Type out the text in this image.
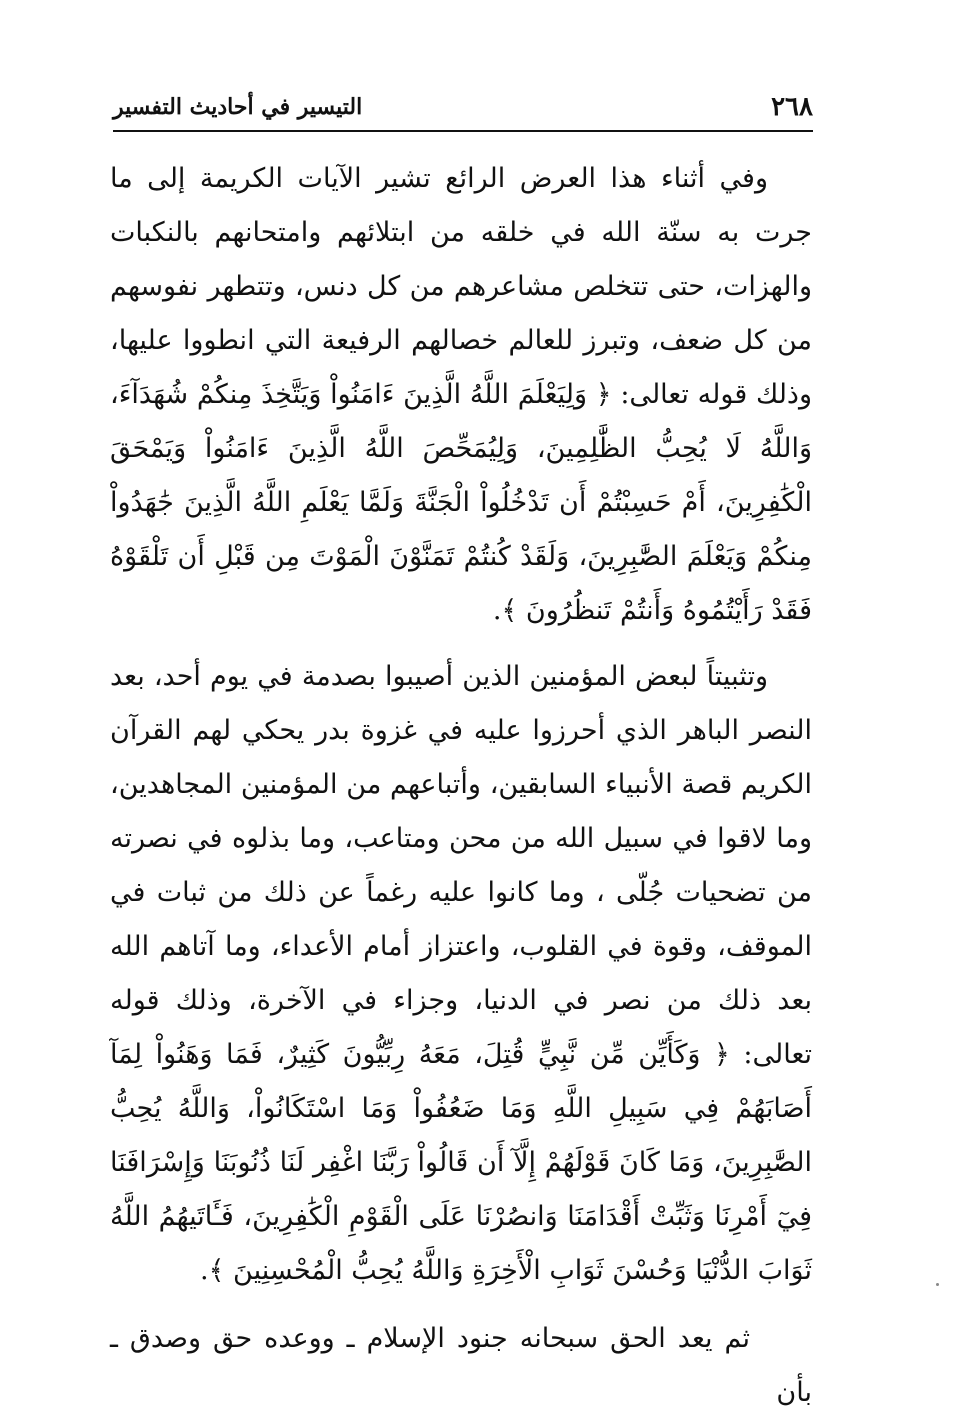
٢٦٨
التيسير في أحاديث التفسير

وفي أثناء هذا العرض الرائع تشير الآيات الكريمة إلى ما جرت به سنّة الله في خلقه من ابتلائهم وامتحانهم بالنكبات والهزات، حتى تتخلص مشاعرهم من كل دنس، وتتطهر نفوسهم من كل ضعف، وتبرز للعالم خصالهم الرفيعة التي انطووا عليها، وذلك قوله تعالى: ﴿ وَلِيَعْلَمَ اللَّهُ الَّذِينَ ءَامَنُواْ وَيَتَّخِذَ مِنكُمْ شُهَدَآءَ، وَاللَّهُ لَا يُحِبُّ الظَّٰلِمِينَ، وَلِيُمَحِّصَ اللَّهُ الَّذِينَ ءَامَنُواْ وَيَمْحَقَ الْكَٰفِرِينَ، أَمْ حَسِبْتُمْ أَن تَدْخُلُواْ الْجَنَّةَ وَلَمَّا يَعْلَمِ اللَّهُ الَّذِينَ جَٰهَدُواْ مِنكُمْ وَيَعْلَمَ الصَّٰبِرِينَ، وَلَقَدْ كُنتُمْ تَمَنَّوْنَ الْمَوْتَ مِن قَبْلِ أَن تَلْقَوْهُ فَقَدْ رَأَيْتُمُوهُ وَأَنتُمْ تَنظُرُونَ ﴾.

وتثبيتاً لبعض المؤمنين الذين أصيبوا بصدمة في يوم أحد، بعد النصر الباهر الذي أحرزوا عليه في غزوة بدر يحكي لهم القرآن الكريم قصة الأنبياء السابقين، وأتباعهم من المؤمنين المجاهدين، وما لاقوا في سبيل الله من محن ومتاعب، وما بذلوه في نصرته من تضحيات جُلّى ، وما كانوا عليه رغماً عن ذلك من ثبات في الموقف، وقوة في القلوب، واعتزاز أمام الأعداء، وما آتاهم الله بعد ذلك من نصر في الدنيا، وجزاء في الآخرة، وذلك قوله تعالى: ﴿ وَكَأَيِّن مِّن نَّبِيٍّ قُتِلَ، مَعَهُ رِبِّيُّونَ كَثِيرٌ، فَمَا وَهَنُواْ لِمَآ أَصَابَهُمْ فِي سَبِيلِ اللَّهِ وَمَا ضَعُفُواْ وَمَا اسْتَكَانُواْ، وَاللَّهُ يُحِبُّ الصَّٰبِرِينَ، وَمَا كَانَ قَوْلَهُمْ إِلَّآ أَن قَالُواْ رَبَّنَا اغْفِر لَنَا ذُنُوبَنَا وَإِسْرَافَنَا فِيٓ أَمْرِنَا وَثَبِّتْ أَقْدَامَنَا وَانصُرْنَا عَلَى الْقَوْمِ الْكَٰفِرِينَ، فَـَٔاتَيهُمُ اللَّهُ ثَوَابَ الدُّنْيَا وَحُسْنَ ثَوَابِ الْأَخِرَةِ وَاللَّهُ يُحِبُّ الْمُحْسِنِينَ ﴾.

ثم يعد الحق سبحانه جنود الإسلام ـ ووعده حق وصدق ـ بأن
